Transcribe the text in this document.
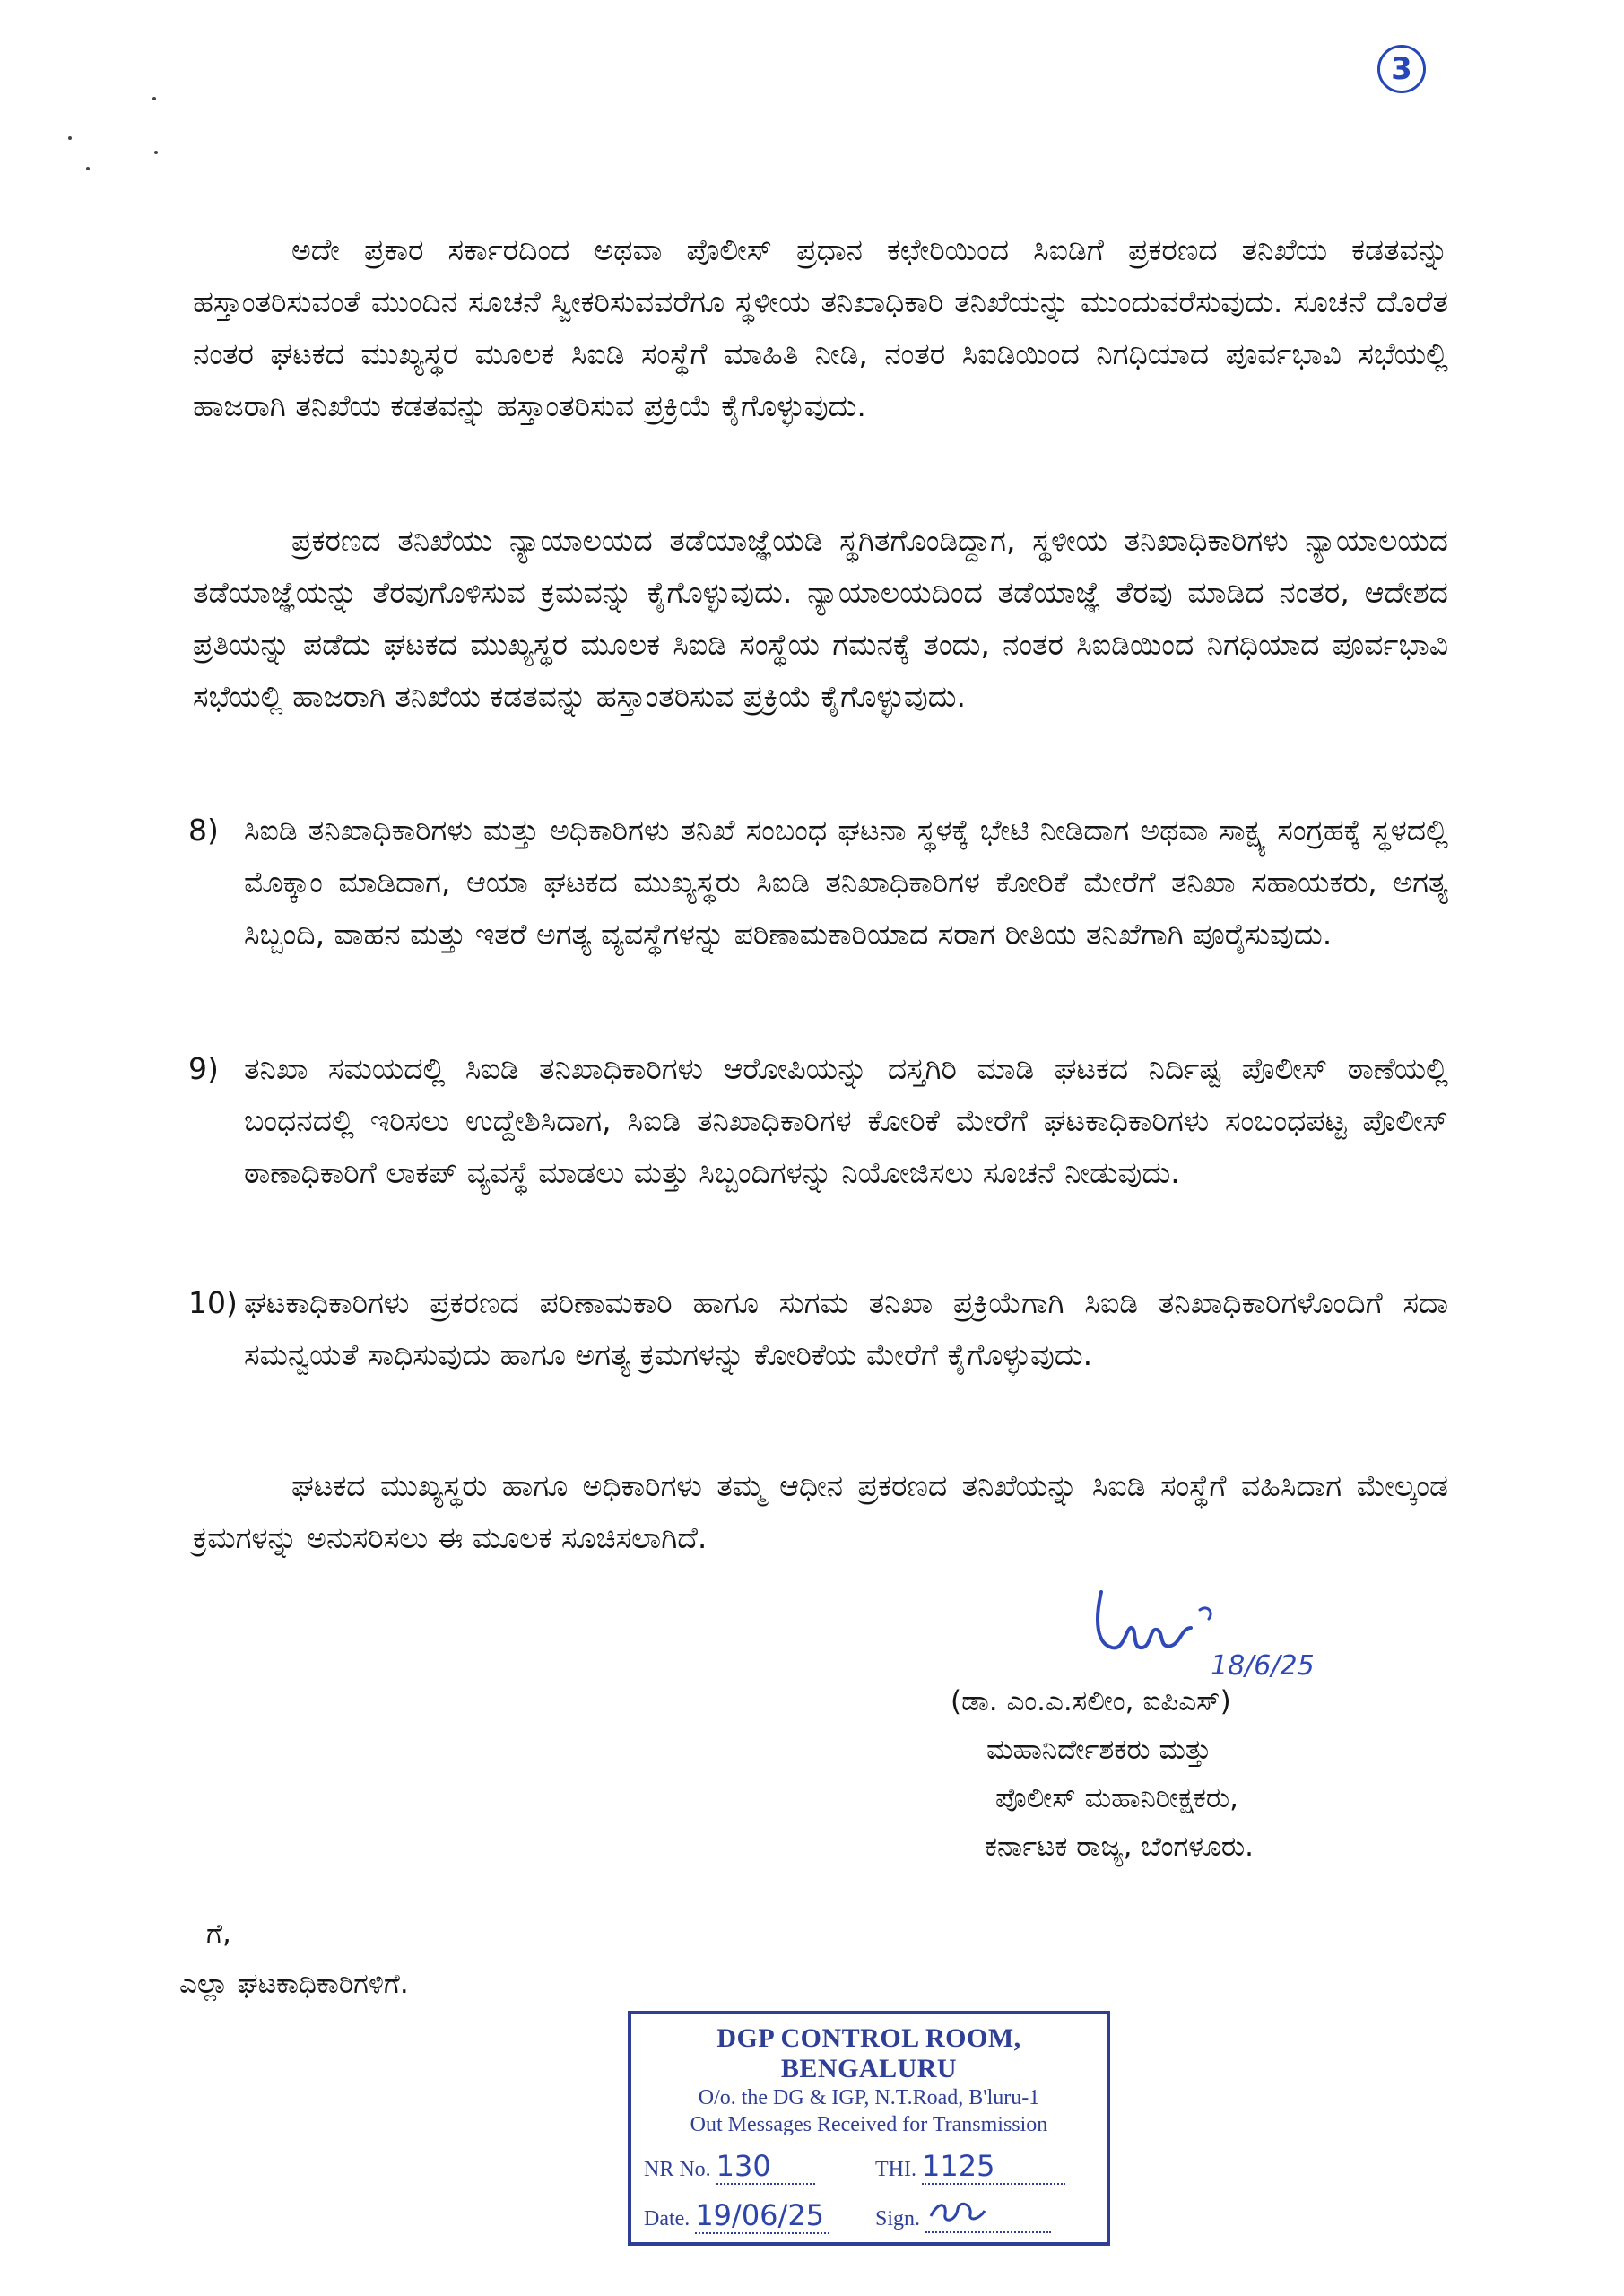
3

ಅದೇ ಪ್ರಕಾರ ಸರ್ಕಾರದಿಂದ ಅಥವಾ ಪೊಲೀಸ್ ಪ್ರಧಾನ ಕಛೇರಿಯಿಂದ ಸಿಐಡಿಗೆ ಪ್ರಕರಣದ ತನಿಖೆಯ ಕಡತವನ್ನು ಹಸ್ತಾಂತರಿಸುವಂತೆ ಮುಂದಿನ ಸೂಚನೆ ಸ್ವೀಕರಿಸುವವರೆಗೂ ಸ್ಥಳೀಯ ತನಿಖಾಧಿಕಾರಿ ತನಿಖೆಯನ್ನು ಮುಂದುವರೆಸುವುದು. ಸೂಚನೆ ದೊರೆತ ನಂತರ ಘಟಕದ ಮುಖ್ಯಸ್ಥರ ಮೂಲಕ ಸಿಐಡಿ ಸಂಸ್ಥೆಗೆ ಮಾಹಿತಿ ನೀಡಿ, ನಂತರ ಸಿಐಡಿಯಿಂದ ನಿಗಧಿಯಾದ ಪೂರ್ವಭಾವಿ ಸಭೆಯಲ್ಲಿ ಹಾಜರಾಗಿ ತನಿಖೆಯ ಕಡತವನ್ನು ಹಸ್ತಾಂತರಿಸುವ ಪ್ರಕ್ರಿಯೆ ಕೈಗೊಳ್ಳುವುದು.

ಪ್ರಕರಣದ ತನಿಖೆಯು ನ್ಯಾಯಾಲಯದ ತಡೆಯಾಜ್ಞೆಯಡಿ ಸ್ಥಗಿತಗೊಂಡಿದ್ದಾಗ, ಸ್ಥಳೀಯ ತನಿಖಾಧಿಕಾರಿಗಳು ನ್ಯಾಯಾಲಯದ ತಡೆಯಾಜ್ಞೆಯನ್ನು ತೆರವುಗೊಳಿಸುವ ಕ್ರಮವನ್ನು ಕೈಗೊಳ್ಳುವುದು. ನ್ಯಾಯಾಲಯದಿಂದ ತಡೆಯಾಜ್ಞೆ ತೆರವು ಮಾಡಿದ ನಂತರ, ಆದೇಶದ ಪ್ರತಿಯನ್ನು ಪಡೆದು ಘಟಕದ ಮುಖ್ಯಸ್ಥರ ಮೂಲಕ ಸಿಐಡಿ ಸಂಸ್ಥೆಯ ಗಮನಕ್ಕೆ ತಂದು, ನಂತರ ಸಿಐಡಿಯಿಂದ ನಿಗಧಿಯಾದ ಪೂರ್ವಭಾವಿ ಸಭೆಯಲ್ಲಿ ಹಾಜರಾಗಿ ತನಿಖೆಯ ಕಡತವನ್ನು ಹಸ್ತಾಂತರಿಸುವ ಪ್ರಕ್ರಿಯೆ ಕೈಗೊಳ್ಳುವುದು.

8) ಸಿಐಡಿ ತನಿಖಾಧಿಕಾರಿಗಳು ಮತ್ತು ಅಧಿಕಾರಿಗಳು ತನಿಖೆ ಸಂಬಂಧ ಘಟನಾ ಸ್ಥಳಕ್ಕೆ ಭೇಟಿ ನೀಡಿದಾಗ ಅಥವಾ ಸಾಕ್ಷ್ಯ ಸಂಗ್ರಹಕ್ಕೆ ಸ್ಥಳದಲ್ಲಿ ಮೊಕ್ಕಾಂ ಮಾಡಿದಾಗ, ಆಯಾ ಘಟಕದ ಮುಖ್ಯಸ್ಥರು ಸಿಐಡಿ ತನಿಖಾಧಿಕಾರಿಗಳ ಕೋರಿಕೆ ಮೇರೆಗೆ ತನಿಖಾ ಸಹಾಯಕರು, ಅಗತ್ಯ ಸಿಬ್ಬಂದಿ, ವಾಹನ ಮತ್ತು ಇತರೆ ಅಗತ್ಯ ವ್ಯವಸ್ಥೆಗಳನ್ನು ಪರಿಣಾಮಕಾರಿಯಾದ ಸರಾಗ ರೀತಿಯ ತನಿಖೆಗಾಗಿ ಪೂರೈಸುವುದು.
9) ತನಿಖಾ ಸಮಯದಲ್ಲಿ ಸಿಐಡಿ ತನಿಖಾಧಿಕಾರಿಗಳು ಆರೋಪಿಯನ್ನು ದಸ್ತಗಿರಿ ಮಾಡಿ ಘಟಕದ ನಿರ್ದಿಷ್ಟ ಪೊಲೀಸ್ ಠಾಣೆಯಲ್ಲಿ ಬಂಧನದಲ್ಲಿ ಇರಿಸಲು ಉದ್ದೇಶಿಸಿದಾಗ, ಸಿಐಡಿ ತನಿಖಾಧಿಕಾರಿಗಳ ಕೋರಿಕೆ ಮೇರೆಗೆ ಘಟಕಾಧಿಕಾರಿಗಳು ಸಂಬಂಧಪಟ್ಟ ಪೊಲೀಸ್ ಠಾಣಾಧಿಕಾರಿಗೆ ಲಾಕಪ್ ವ್ಯವಸ್ಥೆ ಮಾಡಲು ಮತ್ತು ಸಿಬ್ಬಂದಿಗಳನ್ನು ನಿಯೋಜಿಸಲು ಸೂಚನೆ ನೀಡುವುದು.
10) ಘಟಕಾಧಿಕಾರಿಗಳು ಪ್ರಕರಣದ ಪರಿಣಾಮಕಾರಿ ಹಾಗೂ ಸುಗಮ ತನಿಖಾ ಪ್ರಕ್ರಿಯೆಗಾಗಿ ಸಿಐಡಿ ತನಿಖಾಧಿಕಾರಿಗಳೊಂದಿಗೆ ಸದಾ ಸಮನ್ವಯತೆ ಸಾಧಿಸುವುದು ಹಾಗೂ ಅಗತ್ಯ ಕ್ರಮಗಳನ್ನು ಕೋರಿಕೆಯ ಮೇರೆಗೆ ಕೈಗೊಳ್ಳುವುದು.

ಘಟಕದ ಮುಖ್ಯಸ್ಥರು ಹಾಗೂ ಅಧಿಕಾರಿಗಳು ತಮ್ಮ ಆಧೀನ ಪ್ರಕರಣದ ತನಿಖೆಯನ್ನು ಸಿಐಡಿ ಸಂಸ್ಥೆಗೆ ವಹಿಸಿದಾಗ ಮೇಲ್ಕಂಡ ಕ್ರಮಗಳನ್ನು ಅನುಸರಿಸಲು ಈ ಮೂಲಕ ಸೂಚಿಸಲಾಗಿದೆ.

18/6/25
(ಡಾ. ಎಂ.ಎ.ಸಲೀಂ, ಐಪಿಎಸ್)
ಮಹಾನಿರ್ದೇಶಕರು ಮತ್ತು
ಪೊಲೀಸ್ ಮಹಾನಿರೀಕ್ಷಕರು,
ಕರ್ನಾಟಕ ರಾಜ್ಯ, ಬೆಂಗಳೂರು.
ಗೆ,
ಎಲ್ಲಾ ಘಟಕಾಧಿಕಾರಿಗಳಿಗೆ.
DGP CONTROL ROOM, BENGALURU
O/o. the DG & IGP, N.T.Road, B'luru-1
Out Messages Received for Transmission
NR No. 130	THI. 1125
Date. 19/06/25 Sign.
